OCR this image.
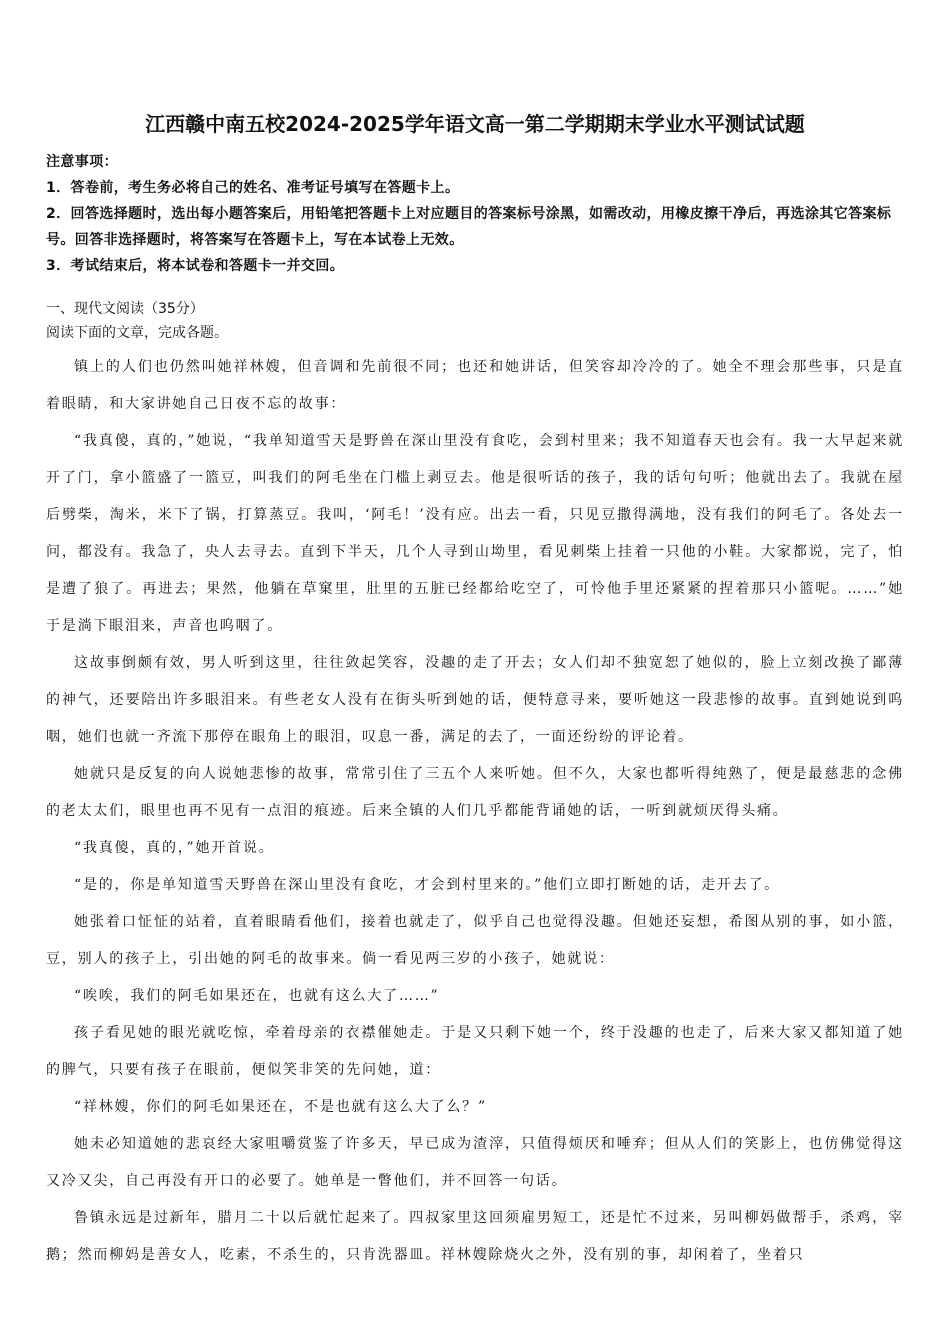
江西赣中南五校2024-2025学年语文高一第二学期期末学业水平测试试题

注意事项：

1．答卷前，考生务必将自己的姓名、准考证号填写在答题卡上。

2．回答选择题时，选出每小题答案后，用铅笔把答题卡上对应题目的答案标号涂黑，如需改动，用橡皮擦干净后，再选涂其它答案标号。回答非选择题时，将答案写在答题卡上，写在本试卷上无效。

3．考试结束后，将本试卷和答题卡一并交回。

一、现代文阅读（35分）
阅读下面的文章，完成各题。

镇上的人们也仍然叫她祥林嫂，但音调和先前很不同；也还和她讲话，但笑容却冷冷的了。她全不理会那些事，只是直着眼睛，和大家讲她自己日夜不忘的故事：

“我真傻，真的，”她说，“我单知道雪天是野兽在深山里没有食吃，会到村里来；我不知道春天也会有。我一大早起来就开了门，拿小篮盛了一篮豆，叫我们的阿毛坐在门槛上剥豆去。他是很听话的孩子，我的话句句听；他就出去了。我就在屋后劈柴，淘米，米下了锅，打算蒸豆。我叫，‘阿毛！’没有应。出去一看，只见豆撒得满地，没有我们的阿毛了。各处去一问，都没有。我急了，央人去寻去。直到下半天，几个人寻到山坳里，看见刺柴上挂着一只他的小鞋。大家都说，完了，怕是遭了狼了。再进去；果然，他躺在草窠里，肚里的五脏已经都给吃空了，可怜他手里还紧紧的捏着那只小篮呢。……”她于是淌下眼泪来，声音也呜咽了。

这故事倒颇有效，男人听到这里，往往敛起笑容，没趣的走了开去；女人们却不独宽恕了她似的，脸上立刻改换了鄙薄的神气，还要陪出许多眼泪来。有些老女人没有在街头听到她的话，便特意寻来，要听她这一段悲惨的故事。直到她说到呜咽，她们也就一齐流下那停在眼角上的眼泪，叹息一番，满足的去了，一面还纷纷的评论着。

她就只是反复的向人说她悲惨的故事，常常引住了三五个人来听她。但不久，大家也都听得纯熟了，便是最慈悲的念佛的老太太们，眼里也再不见有一点泪的痕迹。后来全镇的人们几乎都能背诵她的话，一听到就烦厌得头痛。

“我真傻，真的，”她开首说。

“是的，你是单知道雪天野兽在深山里没有食吃，才会到村里来的。”他们立即打断她的话，走开去了。

她张着口怔怔的站着，直着眼睛看他们，接着也就走了，似乎自己也觉得没趣。但她还妄想，希图从别的事，如小篮，豆，别人的孩子上，引出她的阿毛的故事来。倘一看见两三岁的小孩子，她就说：

“唉唉，我们的阿毛如果还在，也就有这么大了……”

孩子看见她的眼光就吃惊，牵着母亲的衣襟催她走。于是又只剩下她一个，终于没趣的也走了，后来大家又都知道了她的脾气，只要有孩子在眼前，便似笑非笑的先问她，道：

“祥林嫂，你们的阿毛如果还在，不是也就有这么大了么？”

她未必知道她的悲哀经大家咀嚼赏鉴了许多天，早已成为渣滓，只值得烦厌和唾弃；但从人们的笑影上，也仿佛觉得这又冷又尖，自己再没有开口的必要了。她单是一瞥他们，并不回答一句话。

鲁镇永远是过新年，腊月二十以后就忙起来了。四叔家里这回须雇男短工，还是忙不过来，另叫柳妈做帮手，杀鸡，宰鹅；然而柳妈是善女人，吃素，不杀生的，只肯洗器皿。祥林嫂除烧火之外，没有别的事，却闲着了，坐着只
